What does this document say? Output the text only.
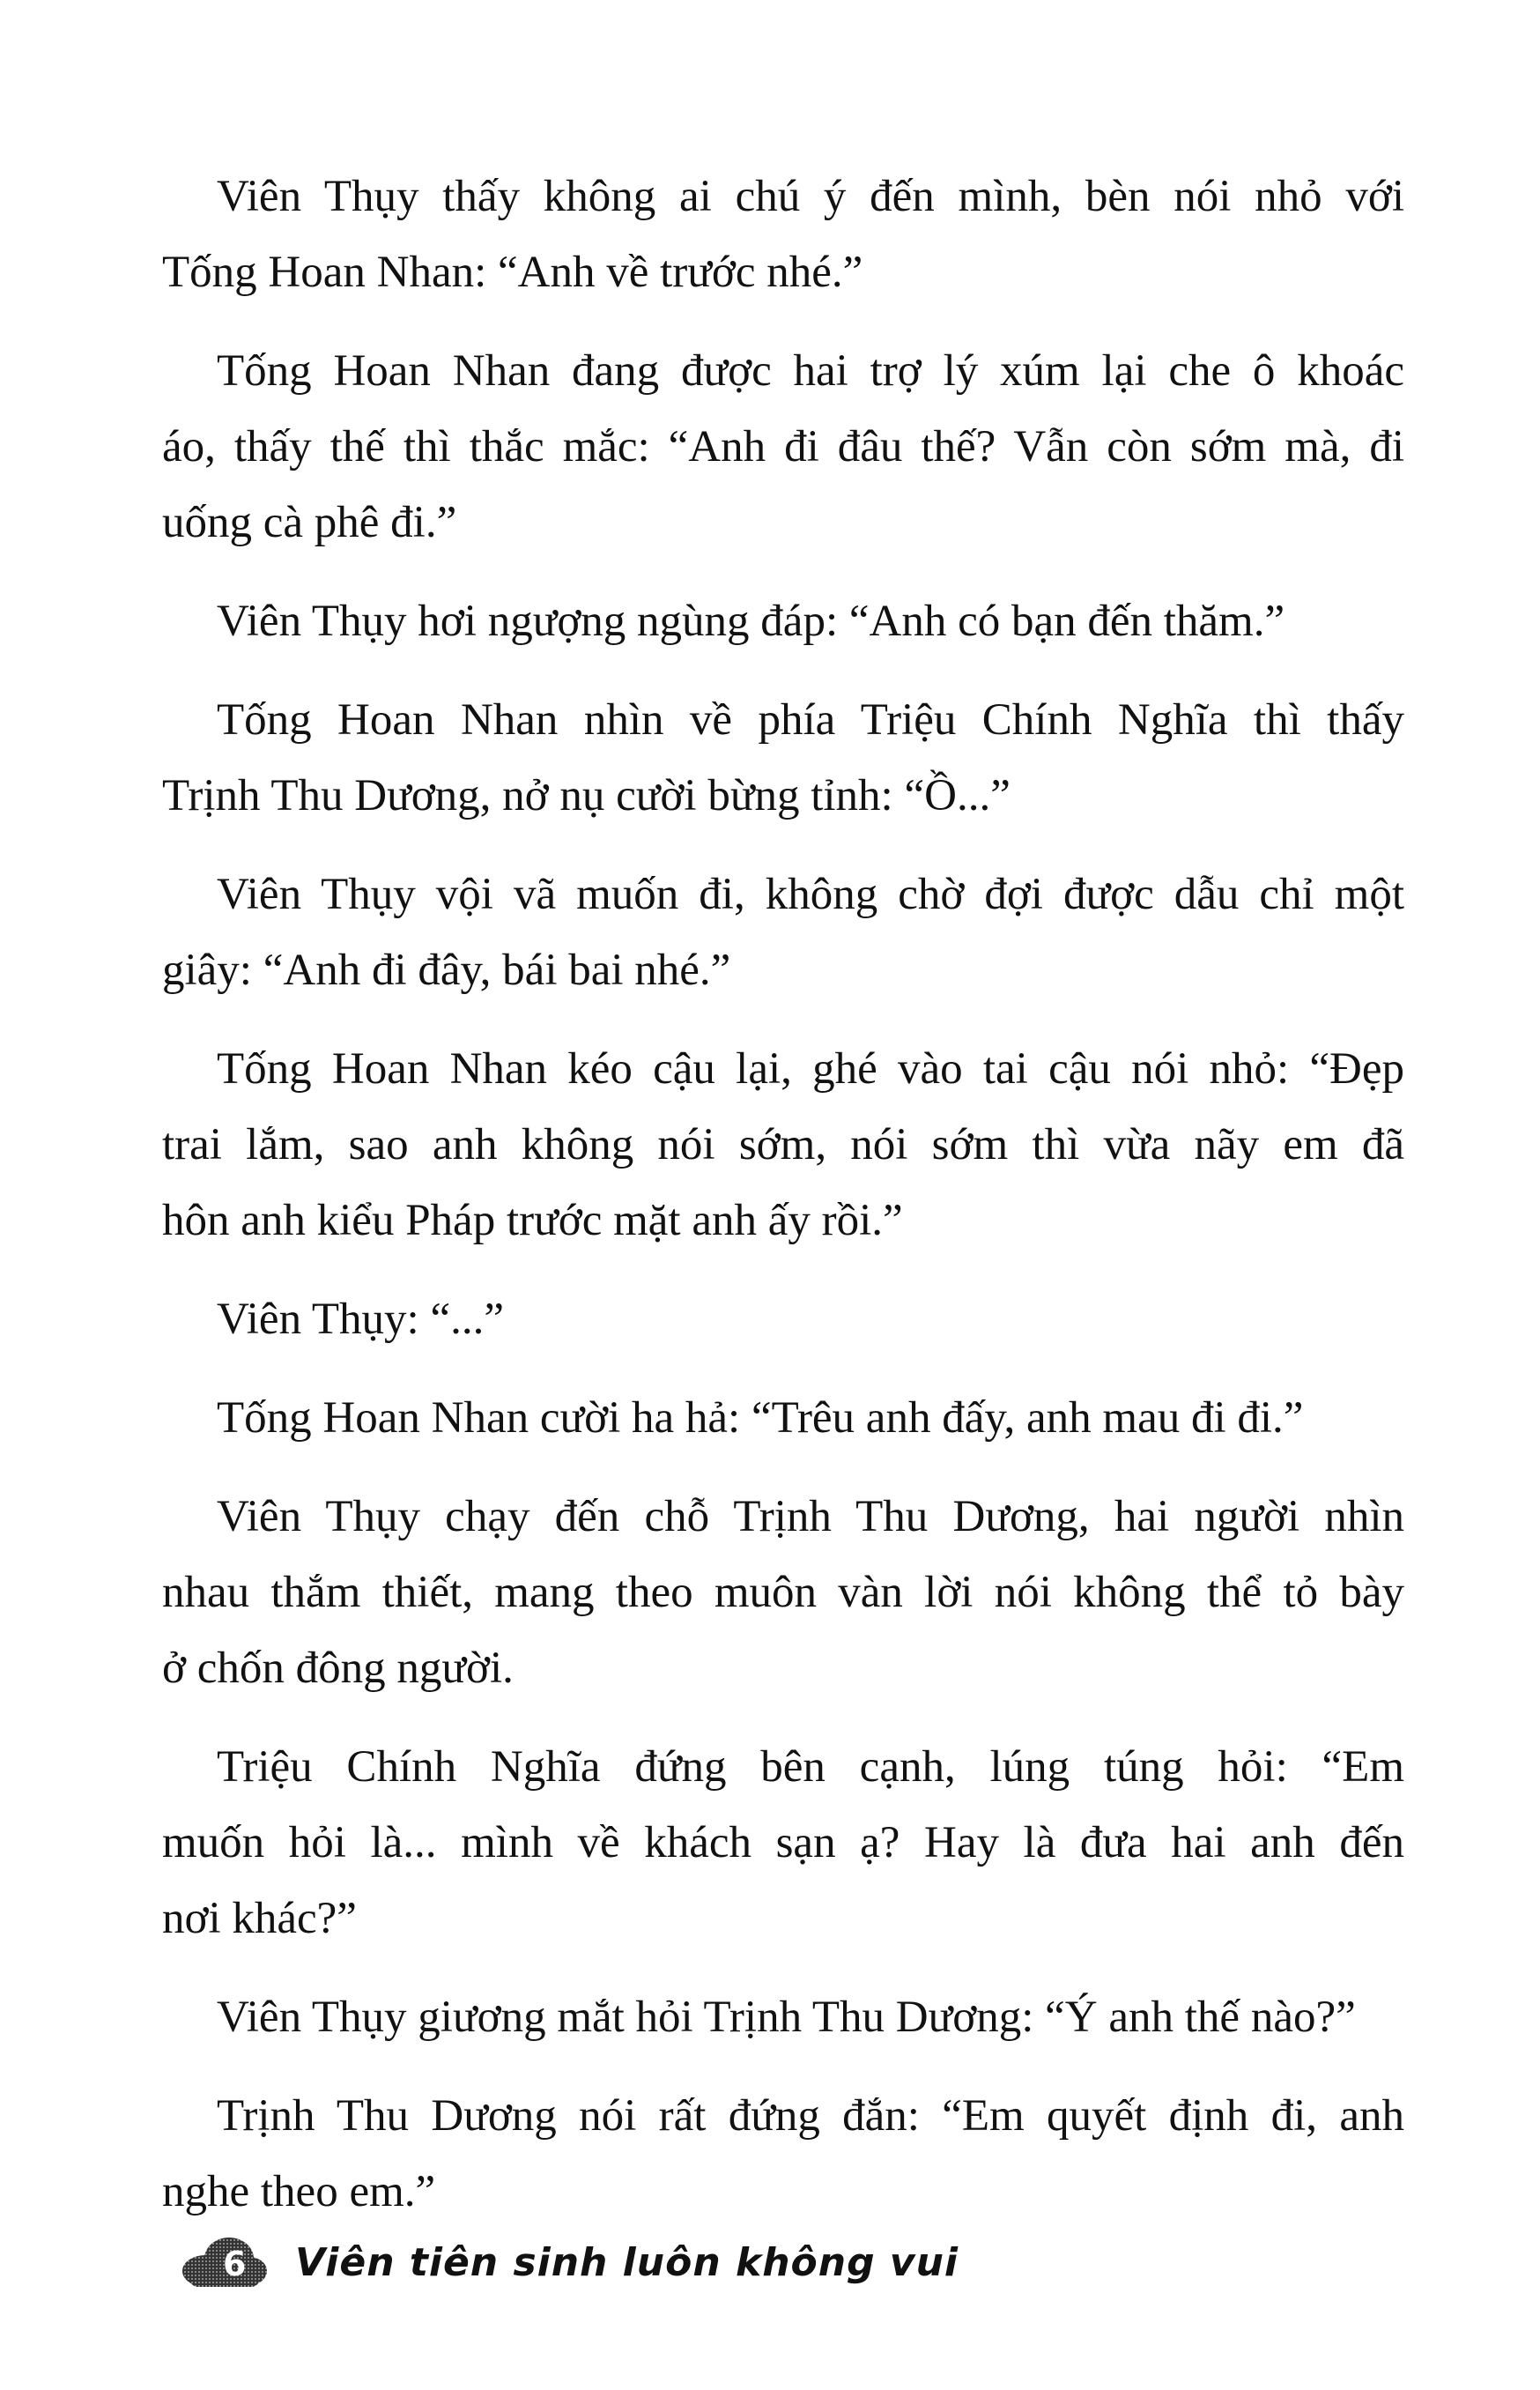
Viên Thụy thấy không ai chú ý đến mình, bèn nói nhỏ với
Tống Hoan Nhan: “Anh về trước nhé.”
Tống Hoan Nhan đang được hai trợ lý xúm lại che ô khoác
áo, thấy thế thì thắc mắc: “Anh đi đâu thế? Vẫn còn sớm mà, đi
uống cà phê đi.”
Viên Thụy hơi ngượng ngùng đáp: “Anh có bạn đến thăm.”
Tống Hoan Nhan nhìn về phía Triệu Chính Nghĩa thì thấy
Trịnh Thu Dương, nở nụ cười bừng tỉnh: “Ồ...”
Viên Thụy vội vã muốn đi, không chờ đợi được dẫu chỉ một
giây: “Anh đi đây, bái bai nhé.”
Tống Hoan Nhan kéo cậu lại, ghé vào tai cậu nói nhỏ: “Đẹp
trai lắm, sao anh không nói sớm, nói sớm thì vừa nãy em đã
hôn anh kiểu Pháp trước mặt anh ấy rồi.”
Viên Thụy: “...”
Tống Hoan Nhan cười ha hả: “Trêu anh đấy, anh mau đi đi.”
Viên Thụy chạy đến chỗ Trịnh Thu Dương, hai người nhìn
nhau thắm thiết, mang theo muôn vàn lời nói không thể tỏ bày
ở chốn đông người.
Triệu Chính Nghĩa đứng bên cạnh, lúng túng hỏi: “Em
muốn hỏi là... mình về khách sạn ạ? Hay là đưa hai anh đến
nơi khác?”
Viên Thụy giương mắt hỏi Trịnh Thu Dương: “Ý anh thế nào?”
Trịnh Thu Dương nói rất đứng đắn: “Em quyết định đi, anh
nghe theo em.”
6 Viên tiên sinh luôn không vui
